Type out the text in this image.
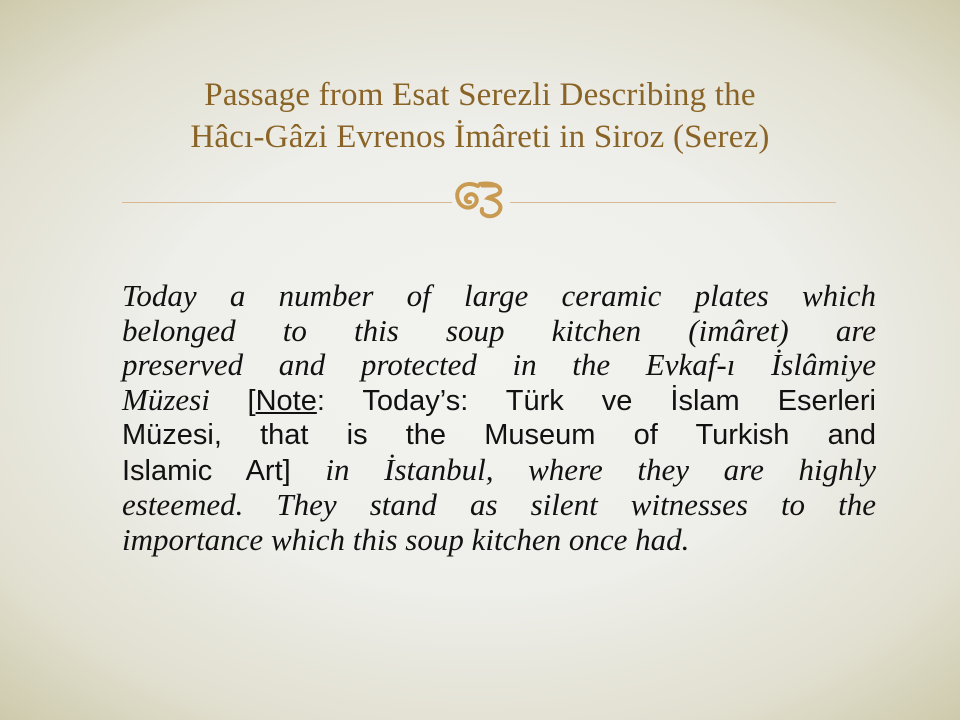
Passage from Esat Serezli Describing the
Hâcı-Gâzi Evrenos İmâreti in Siroz (Serez)
Today a number of large ceramic plates which
belonged to this soup kitchen (imâret) are
preserved and protected in the Evkaf-ı İslâmiye
Müzesi [Note: Today’s: Türk ve İslam Eserleri
Müzesi, that is the Museum of Turkish and
Islamic Art] in İstanbul, where they are highly
esteemed. They stand as silent witnesses to the
importance which this soup kitchen once had.
